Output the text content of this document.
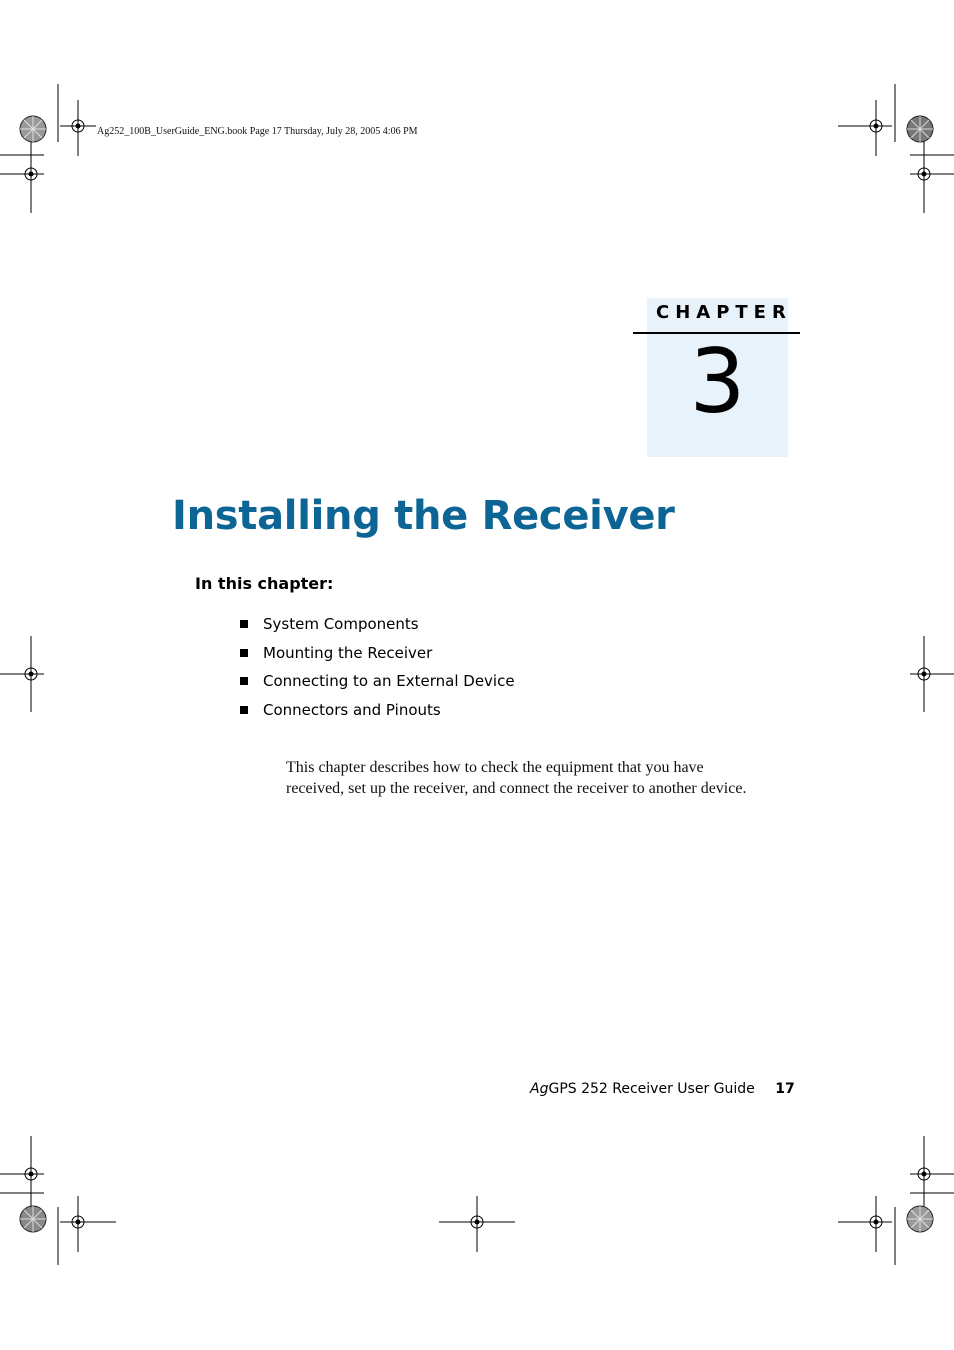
Ag252_100B_UserGuide_ENG.book Page 17 Thursday, July 28, 2005 4:06 PM
CHAPTER
3
Installing the Receiver
In this chapter:
System Components
Mounting the Receiver
Connecting to an External Device
Connectors and Pinouts
This chapter describes how to check the equipment that you have received, set up the receiver, and connect the receiver to another device.
AgGPS 252 Receiver User Guide 17
